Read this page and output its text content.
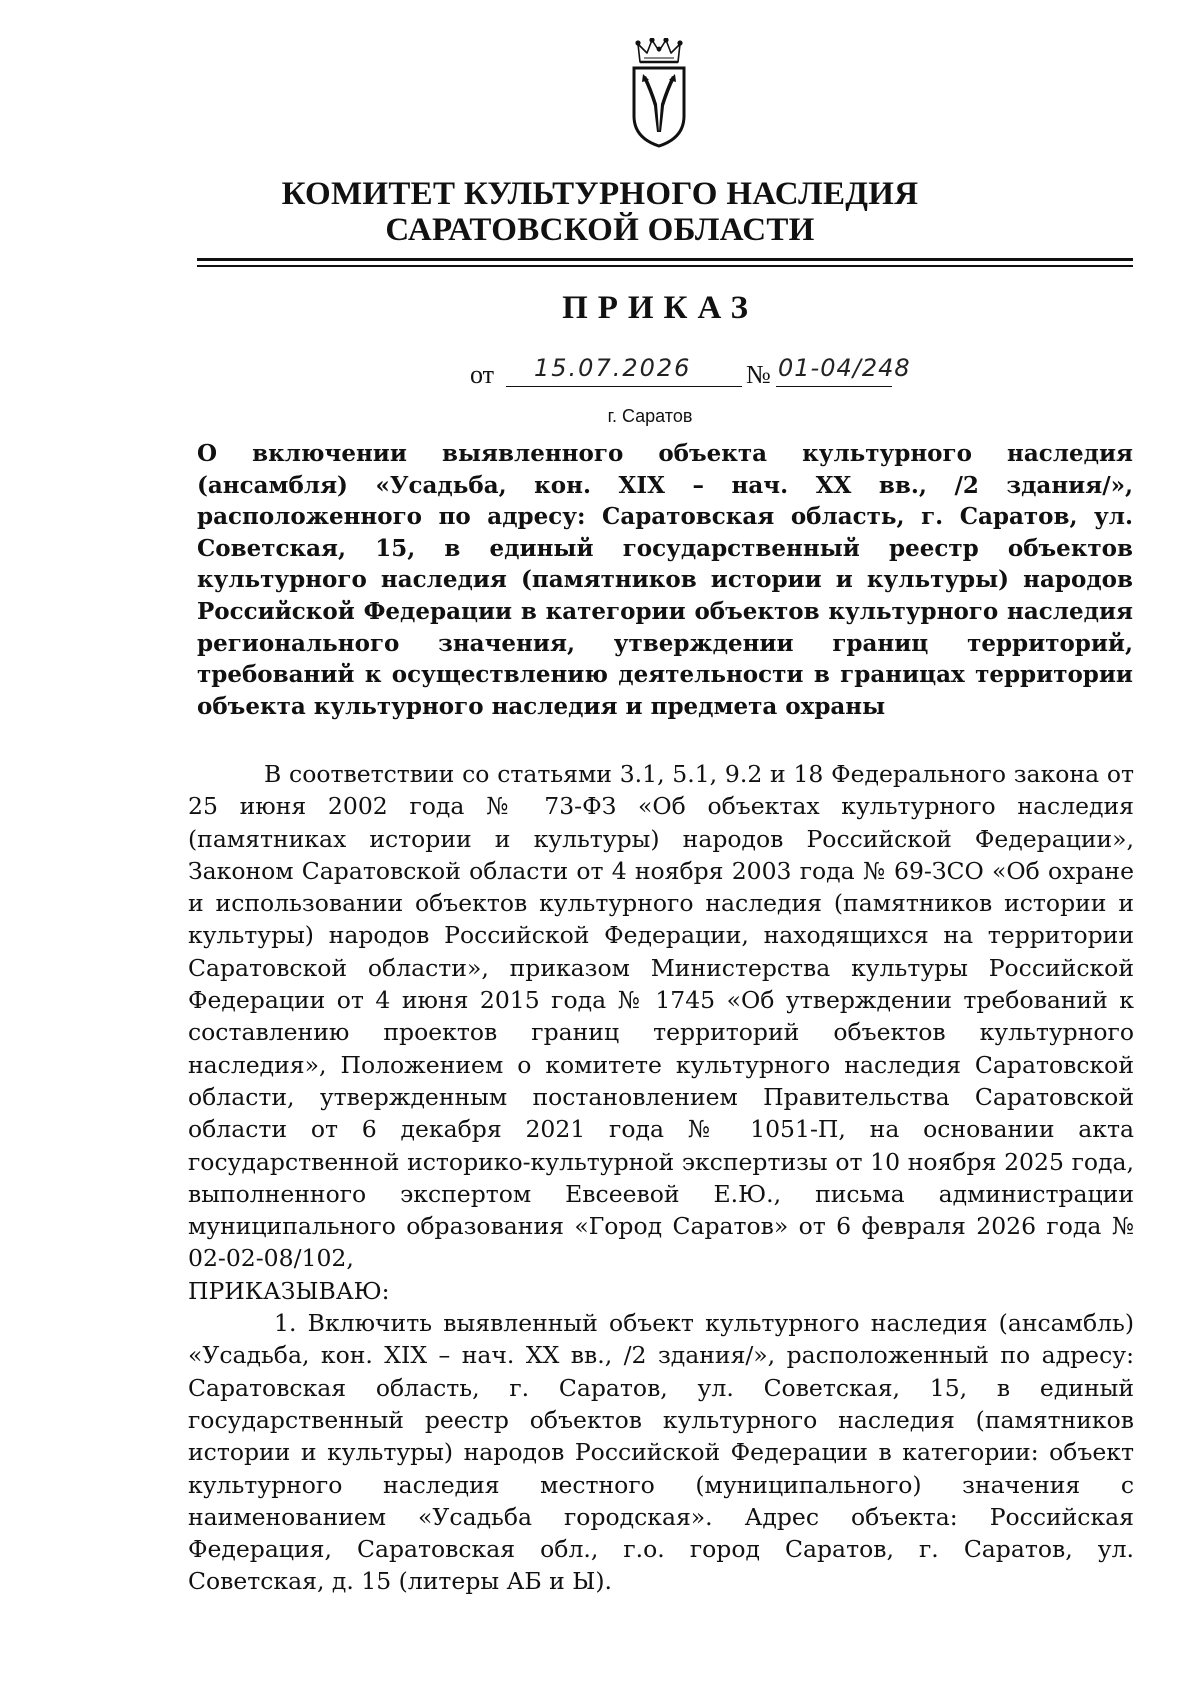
КОМИТЕТ КУЛЬТУРНОГО НАСЛЕДИЯ
САРАТОВСКОЙ ОБЛАСТИ
ПРИКАЗ
от 15.07.2026 № 01-04/248
г. Саратов
О включении выявленного объекта культурного наследия (ансамбля) «Усадьба, кон. XIX – нач. XX вв., /2 здания/», расположенного по адресу: Саратовская область, г. Саратов, ул. Советская, 15, в единый государственный реестр объектов культурного наследия (памятников истории и культуры) народов Российской Федерации в категории объектов культурного наследия регионального значения, утверждении границ территорий, требований к осуществлению деятельности в границах территории объекта культурного наследия и предмета охраны

В соответствии со статьями 3.1, 5.1, 9.2 и 18 Федерального закона от 25 июня 2002 года № 73-ФЗ «Об объектах культурного наследия (памятниках истории и культуры) народов Российской Федерации», Законом Саратовской области от 4 ноября 2003 года № 69-ЗСО «Об охране и использовании объектов культурного наследия (памятников истории и культуры) народов Российской Федерации, находящихся на территории Саратовской области», приказом Министерства культуры Российской Федерации от 4 июня 2015 года № 1745 «Об утверждении требований к составлению проектов границ территорий объектов культурного наследия», Положением о комитете культурного наследия Саратовской области, утвержденным постановлением Правительства Саратовской области от 6 декабря 2021 года № 1051-П, на основании акта государственной историко-культурной экспертизы от 10 ноября 2025 года, выполненного экспертом Евсеевой Е.Ю., письма администрации муниципального образования «Город Саратов» от 6 февраля 2026 года № 02-02-08/102,

ПРИКАЗЫВАЮ:

1. Включить выявленный объект культурного наследия (ансамбль) «Усадьба, кон. XIX – нач. XX вв., /2 здания/», расположенный по адресу: Саратовская область, г. Саратов, ул. Советская, 15, в единый государственный реестр объектов культурного наследия (памятников истории и культуры) народов Российской Федерации в категории: объект культурного наследия местного (муниципального) значения с наименованием «Усадьба городская». Адрес объекта: Российская Федерация, Саратовская обл., г.о. город Саратов, г. Саратов, ул. Советская, д. 15 (литеры АБ и Ы).
